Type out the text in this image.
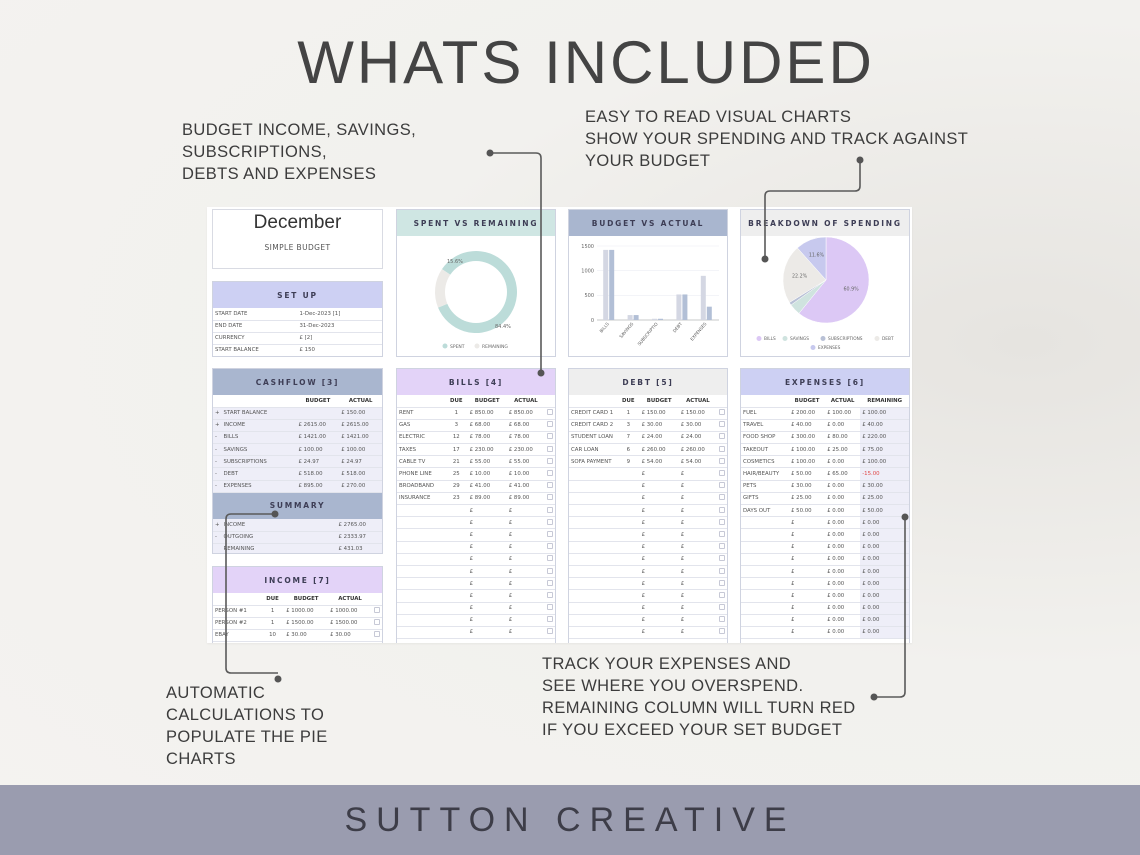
WHATS INCLUDED
BUDGET INCOME, SAVINGS,
SUBSCRIPTIONS,
DEBTS AND EXPENSES
EASY TO READ VISUAL CHARTS
SHOW YOUR SPENDING AND TRACK AGAINST
YOUR BUDGET
AUTOMATIC
CALCULATIONS TO
POPULATE THE PIE
CHARTS
TRACK YOUR EXPENSES AND
SEE WHERE YOU OVERSPEND.
REMAINING COLUMN WILL TURN RED
IF YOU EXCEED YOUR SET BUDGET
December
SIMPLE BUDGET
SET UP
START DATE	1-Dec-2023 [1]
END DATE	31-Dec-2023
CURRENCY	£ [2]
START BALANCE	£ 150
SPENT VS REMAINING
84.4%
15.6%
SPENT	REMAINING
BUDGET VS ACTUAL
1500
1000
500
0
BILLS SAVINGS SUBSCRIPTIO	DEBT EXPENSES
BREAKDOWN OF SPENDING
60.9%
22.2%
11.6%
BILLS	SAVINGS	SUBSCRIPTIONS	DEBT
EXPENSES
CASHFLOW [3]
		BUDGET	ACTUAL
+	START BALANCE		£ 150.00
+	INCOME	£ 2615.00	£ 2615.00
-	BILLS	£ 1421.00	£ 1421.00
-	SAVINGS	£ 100.00	£ 100.00
-	SUBSCRIPTIONS	£ 24.97	£ 24.97
-	DEBT	£ 518.00	£ 518.00
-	EXPENSES	£ 895.00	£ 270.00
SUMMARY
+	INCOME	£ 2765.00
-	OUTGOING	£ 2333.97
	REMAINING	£ 431.03
INCOME [7]
	DUE	BUDGET	ACTUAL	
PERSON #1	1	£ 1000.00	£ 1000.00	
PERSON #2	1	£ 1500.00	£ 1500.00	
EBAY	10	£ 30.00	£ 30.00	
BILLS [4]
	DUE	BUDGET	ACTUAL	
RENT	1	£ 850.00	£ 850.00	
GAS	3	£ 68.00	£ 68.00	
ELECTRIC	12	£ 78.00	£ 78.00	
TAXES	17	£ 230.00	£ 230.00	
CABLE TV	21	£ 55.00	£ 55.00	
PHONE LINE	25	£ 10.00	£ 10.00	
BROADBAND	29	£ 41.00	£ 41.00	
INSURANCE	23	£ 89.00	£ 89.00	
		£	£	
		£	£	
		£	£	
		£	£	
		£	£	
		£	£	
		£	£	
		£	£	
		£	£	
		£	£	
		£	£	
DEBT [5]
	DUE	BUDGET	ACTUAL	
CREDIT CARD 1	1	£ 150.00	£ 150.00	
CREDIT CARD 2	3	£ 30.00	£ 30.00	
STUDENT LOAN	7	£ 24.00	£ 24.00	
CAR LOAN	6	£ 260.00	£ 260.00	
SOFA PAYMENT	9	£ 54.00	£ 54.00	
		£	£	
		£	£	
		£	£	
		£	£	
		£	£	
		£	£	
		£	£	
		£	£	
		£	£	
		£	£	
		£	£	
		£	£	
		£	£	
		£	£	
EXPENSES [6]
	BUDGET	ACTUAL	REMAINING
FUEL	£ 200.00	£ 100.00	£ 100.00
TRAVEL	£ 40.00	£ 0.00	£ 40.00
FOOD SHOP	£ 300.00	£ 80.00	£ 220.00
TAKEOUT	£ 100.00	£ 25.00	£ 75.00
COSMETICS	£ 100.00	£ 0.00	£ 100.00
HAIR/BEAUTY	£ 50.00	£ 65.00	-15.00
PETS	£ 30.00	£ 0.00	£ 30.00
GIFTS	£ 25.00	£ 0.00	£ 25.00
DAYS OUT	£ 50.00	£ 0.00	£ 50.00
	£	£ 0.00	£ 0.00
	£	£ 0.00	£ 0.00
	£	£ 0.00	£ 0.00
	£	£ 0.00	£ 0.00
	£	£ 0.00	£ 0.00
	£	£ 0.00	£ 0.00
	£	£ 0.00	£ 0.00
	£	£ 0.00	£ 0.00
	£	£ 0.00	£ 0.00
	£	£ 0.00	£ 0.00
SUTTON CREATIVE
